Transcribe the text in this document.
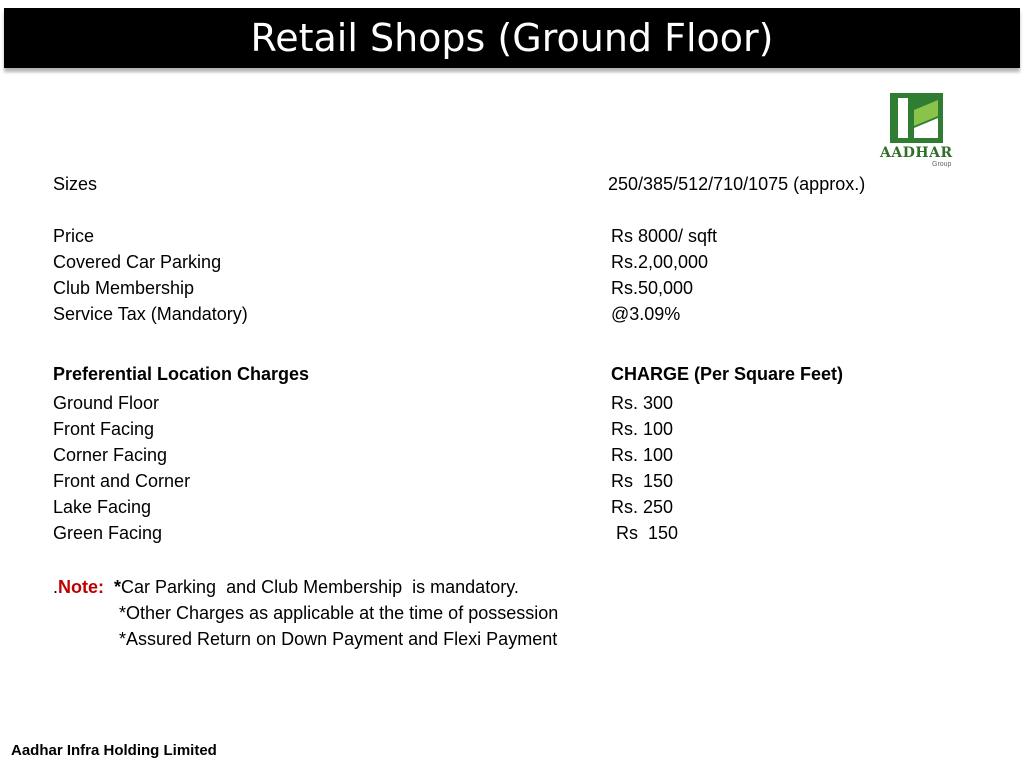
Retail Shops (Ground Floor)
AADHAR
Group
Sizes	250/385/512/710/1075 (approx.)
Price	Rs 8000/ sqft
Covered Car Parking	Rs.2,00,000
Club Membership	Rs.50,000
Service Tax (Mandatory)	@3.09%
Preferential Location Charges	CHARGE (Per Square Feet)
Ground Floor	Rs. 300
Front Facing	Rs. 100
Corner Facing	Rs. 100
Front and Corner	Rs  150
Lake Facing	Rs. 250
Green Facing	Rs  150
.Note:  *Car Parking  and Club Membership  is mandatory.
*Other Charges as applicable at the time of possession
*Assured Return on Down Payment and Flexi Payment
Aadhar Infra Holding Limited
